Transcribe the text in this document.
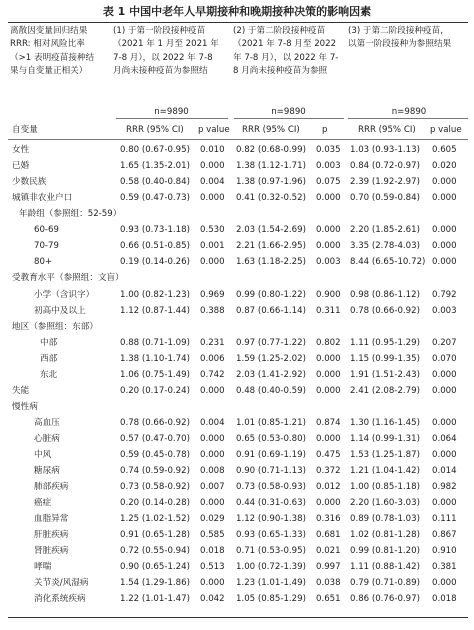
表 1 中国中老年人早期接种和晚期接种决策的影响因素
离散因变量回归结果
RRR: 相对风险比率
（>1 表明疫苗接种结
果与自变量正相关）
(1) 于第一阶段接种疫苗
（2021 年 1 月至 2021 年
7-8 月），以 2022 年 7-8
月尚未接种疫苗为参照结
(2) 于第二阶段接种疫苗
（2021 年 7-8 月至 2022
年 7-8 月），以 2022 年 7-
8 月尚未接种疫苗为参照
(3) 于第二阶段接种疫苗,
以第一阶段接种为参照结果
n=9890	n=9890	n=9890
自变量	RRR (95% CI) p value RRR (95% CI)	p	RRR (95% CI) p value
女性	0.80 (0.67-0.95) 0.010 0.82 (0.68-0.99) 0.035 1.03 (0.93-1.13) 0.605
已婚	1.65 (1.35-2.01) 0.000 1.38 (1.12-1.71) 0.003 0.84 (0.72-0.97) 0.020
少数民族	0.58 (0.40-0.84) 0.004 1.38 (0.97-1.96) 0.075 2.39 (1.92-2.97) 0.000
城镇非农业户口	0.59 (0.47-0.73) 0.000 0.41 (0.32-0.52) 0.000 0.70 (0.59-0.84) 0.000
年龄组（参照组：52-59）
60-69	0.93 (0.73-1.18) 0.530 2.03 (1.54-2.69) 0.000 2.20 (1.85-2.61) 0.000
70-79	0.66 (0.51-0.85) 0.001 2.21 (1.66-2.95) 0.000 3.35 (2.78-4.03) 0.000
80+	0.19 (0.14-0.26) 0.000 1.63 (1.18-2.25) 0.003 8.44 (6.65-10.72) 0.000
受教育水平（参照组：文盲）
小学（含识字）	1.00 (0.82-1.23) 0.969 0.99 (0.80-1.22) 0.900 0.98 (0.86-1.12) 0.792
初高中及以上	1.12 (0.87-1.44) 0.388 0.87 (0.66-1.14) 0.311 0.78 (0.66-0.92) 0.003
地区（参照组：东部）
中部	0.88 (0.71-1.09) 0.231 0.97 (0.77-1.22) 0.802 1.11 (0.95-1.29) 0.207
西部	1.38 (1.10-1.74) 0.006 1.59 (1.25-2.02) 0.000 1.15 (0.99-1.35) 0.070
东北	1.06 (0.75-1.49) 0.742 2.03 (1.41-2.92) 0.000 1.91 (1.51-2.43) 0.000
失能	0.20 (0.17-0.24) 0.000 0.48 (0.40-0.59) 0.000 2.41 (2.08-2.79) 0.000
慢性病
高血压	0.78 (0.66-0.92) 0.004 1.01 (0.85-1.21) 0.874 1.30 (1.16-1.45) 0.000
心脏病	0.57 (0.47-0.70) 0.000 0.65 (0.53-0.80) 0.000 1.14 (0.99-1.31) 0.064
中风	0.59 (0.45-0.78) 0.000 0.91 (0.69-1.19) 0.475 1.53 (1.25-1.87) 0.000
糖尿病	0.74 (0.59-0.92) 0.008 0.90 (0.71-1.13) 0.372 1.21 (1.04-1.42) 0.014
肺部疾病	0.73 (0.58-0.92) 0.007 0.73 (0.58-0.93) 0.012 1.00 (0.85-1.18) 0.982
癌症	0.20 (0.14-0.28) 0.000 0.44 (0.31-0.63) 0.000 2.20 (1.60-3.03) 0.000
血脂异常	1.25 (1.02-1.52) 0.029 1.12 (0.90-1.38) 0.316 0.89 (0.78-1.03) 0.111
肝脏疾病	0.91 (0.65-1.28) 0.585 0.93 (0.65-1.33) 0.681 1.02 (0.81-1.28) 0.867
肾脏疾病	0.72 (0.55-0.94) 0.018 0.71 (0.53-0.95) 0.021 0.99 (0.81-1.20) 0.910
哮喘	0.90 (0.65-1.24) 0.513 1.00 (0.72-1.39) 0.997 1.11 (0.88-1.42) 0.381
关节炎/风湿病	1.54 (1.29-1.86) 0.000 1.23 (1.01-1.49) 0.038 0.79 (0.71-0.89) 0.000
消化系统疾病	1.22 (1.01-1.47) 0.042 1.05 (0.85-1.29) 0.651 0.86 (0.76-0.97) 0.018
